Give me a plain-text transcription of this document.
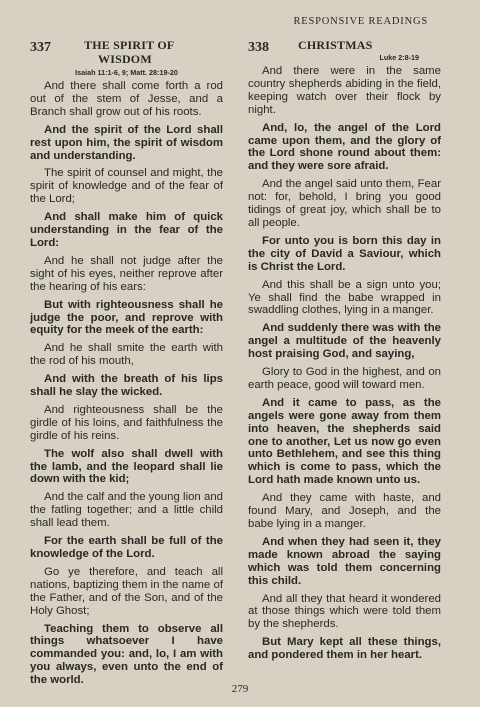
RESPONSIVE READINGS
337	THE SPIRIT OF
WISDOM
Isaiah 11:1-6, 9; Matt. 28:19-20

And there shall come forth a rod out of the stem of Jesse, and a Branch shall grow out of his roots.

And the spirit of the Lord shall rest upon him, the spirit of wisdom and understanding.

The spirit of counsel and might, the spirit of knowledge and of the fear of the Lord;

And shall make him of quick understanding in the fear of the Lord:

And he shall not judge after the sight of his eyes, neither reprove after the hearing of his ears:

But with righteousness shall he judge the poor, and reprove with equity for the meek of the earth:

And he shall smite the earth with the rod of his mouth,

And with the breath of his lips shall he slay the wicked.

And righteousness shall be the girdle of his loins, and faithfulness the girdle of his reins.

The wolf also shall dwell with the lamb, and the leopard shall lie down with the kid;

And the calf and the young lion and the fatling together; and a little child shall lead them.

For the earth shall be full of the knowledge of the Lord.

Go ye therefore, and teach all nations, baptizing them in the name of the Father, and of the Son, and of the Holy Ghost;

Teaching them to observe all things whatsoever I have commanded you: and, lo, I am with you always, even unto the end of the world.

338 CHRISTMAS
Luke 2:8-19

And there were in the same country shepherds abiding in the field, keeping watch over their flock by night.

And, lo, the angel of the Lord came upon them, and the glory of the Lord shone round about them: and they were sore afraid.

And the angel said unto them, Fear not: for, behold, I bring you good tidings of great joy, which shall be to all people.

For unto you is born this day in the city of David a Saviour, which is Christ the Lord.

And this shall be a sign unto you; Ye shall find the babe wrapped in swaddling clothes, lying in a manger.

And suddenly there was with the angel a multitude of the heavenly host praising God, and saying,

Glory to God in the highest, and on earth peace, good will toward men.

And it came to pass, as the angels were gone away from them into heaven, the shepherds said one to another, Let us now go even unto Bethlehem, and see this thing which is come to pass, which the Lord hath made known unto us.

And they came with haste, and found Mary, and Joseph, and the babe lying in a manger.

And when they had seen it, they made known abroad the saying which was told them concerning this child.

And all they that heard it wondered at those things which were told them by the shepherds.

But Mary kept all these things, and pondered them in her heart.

279
